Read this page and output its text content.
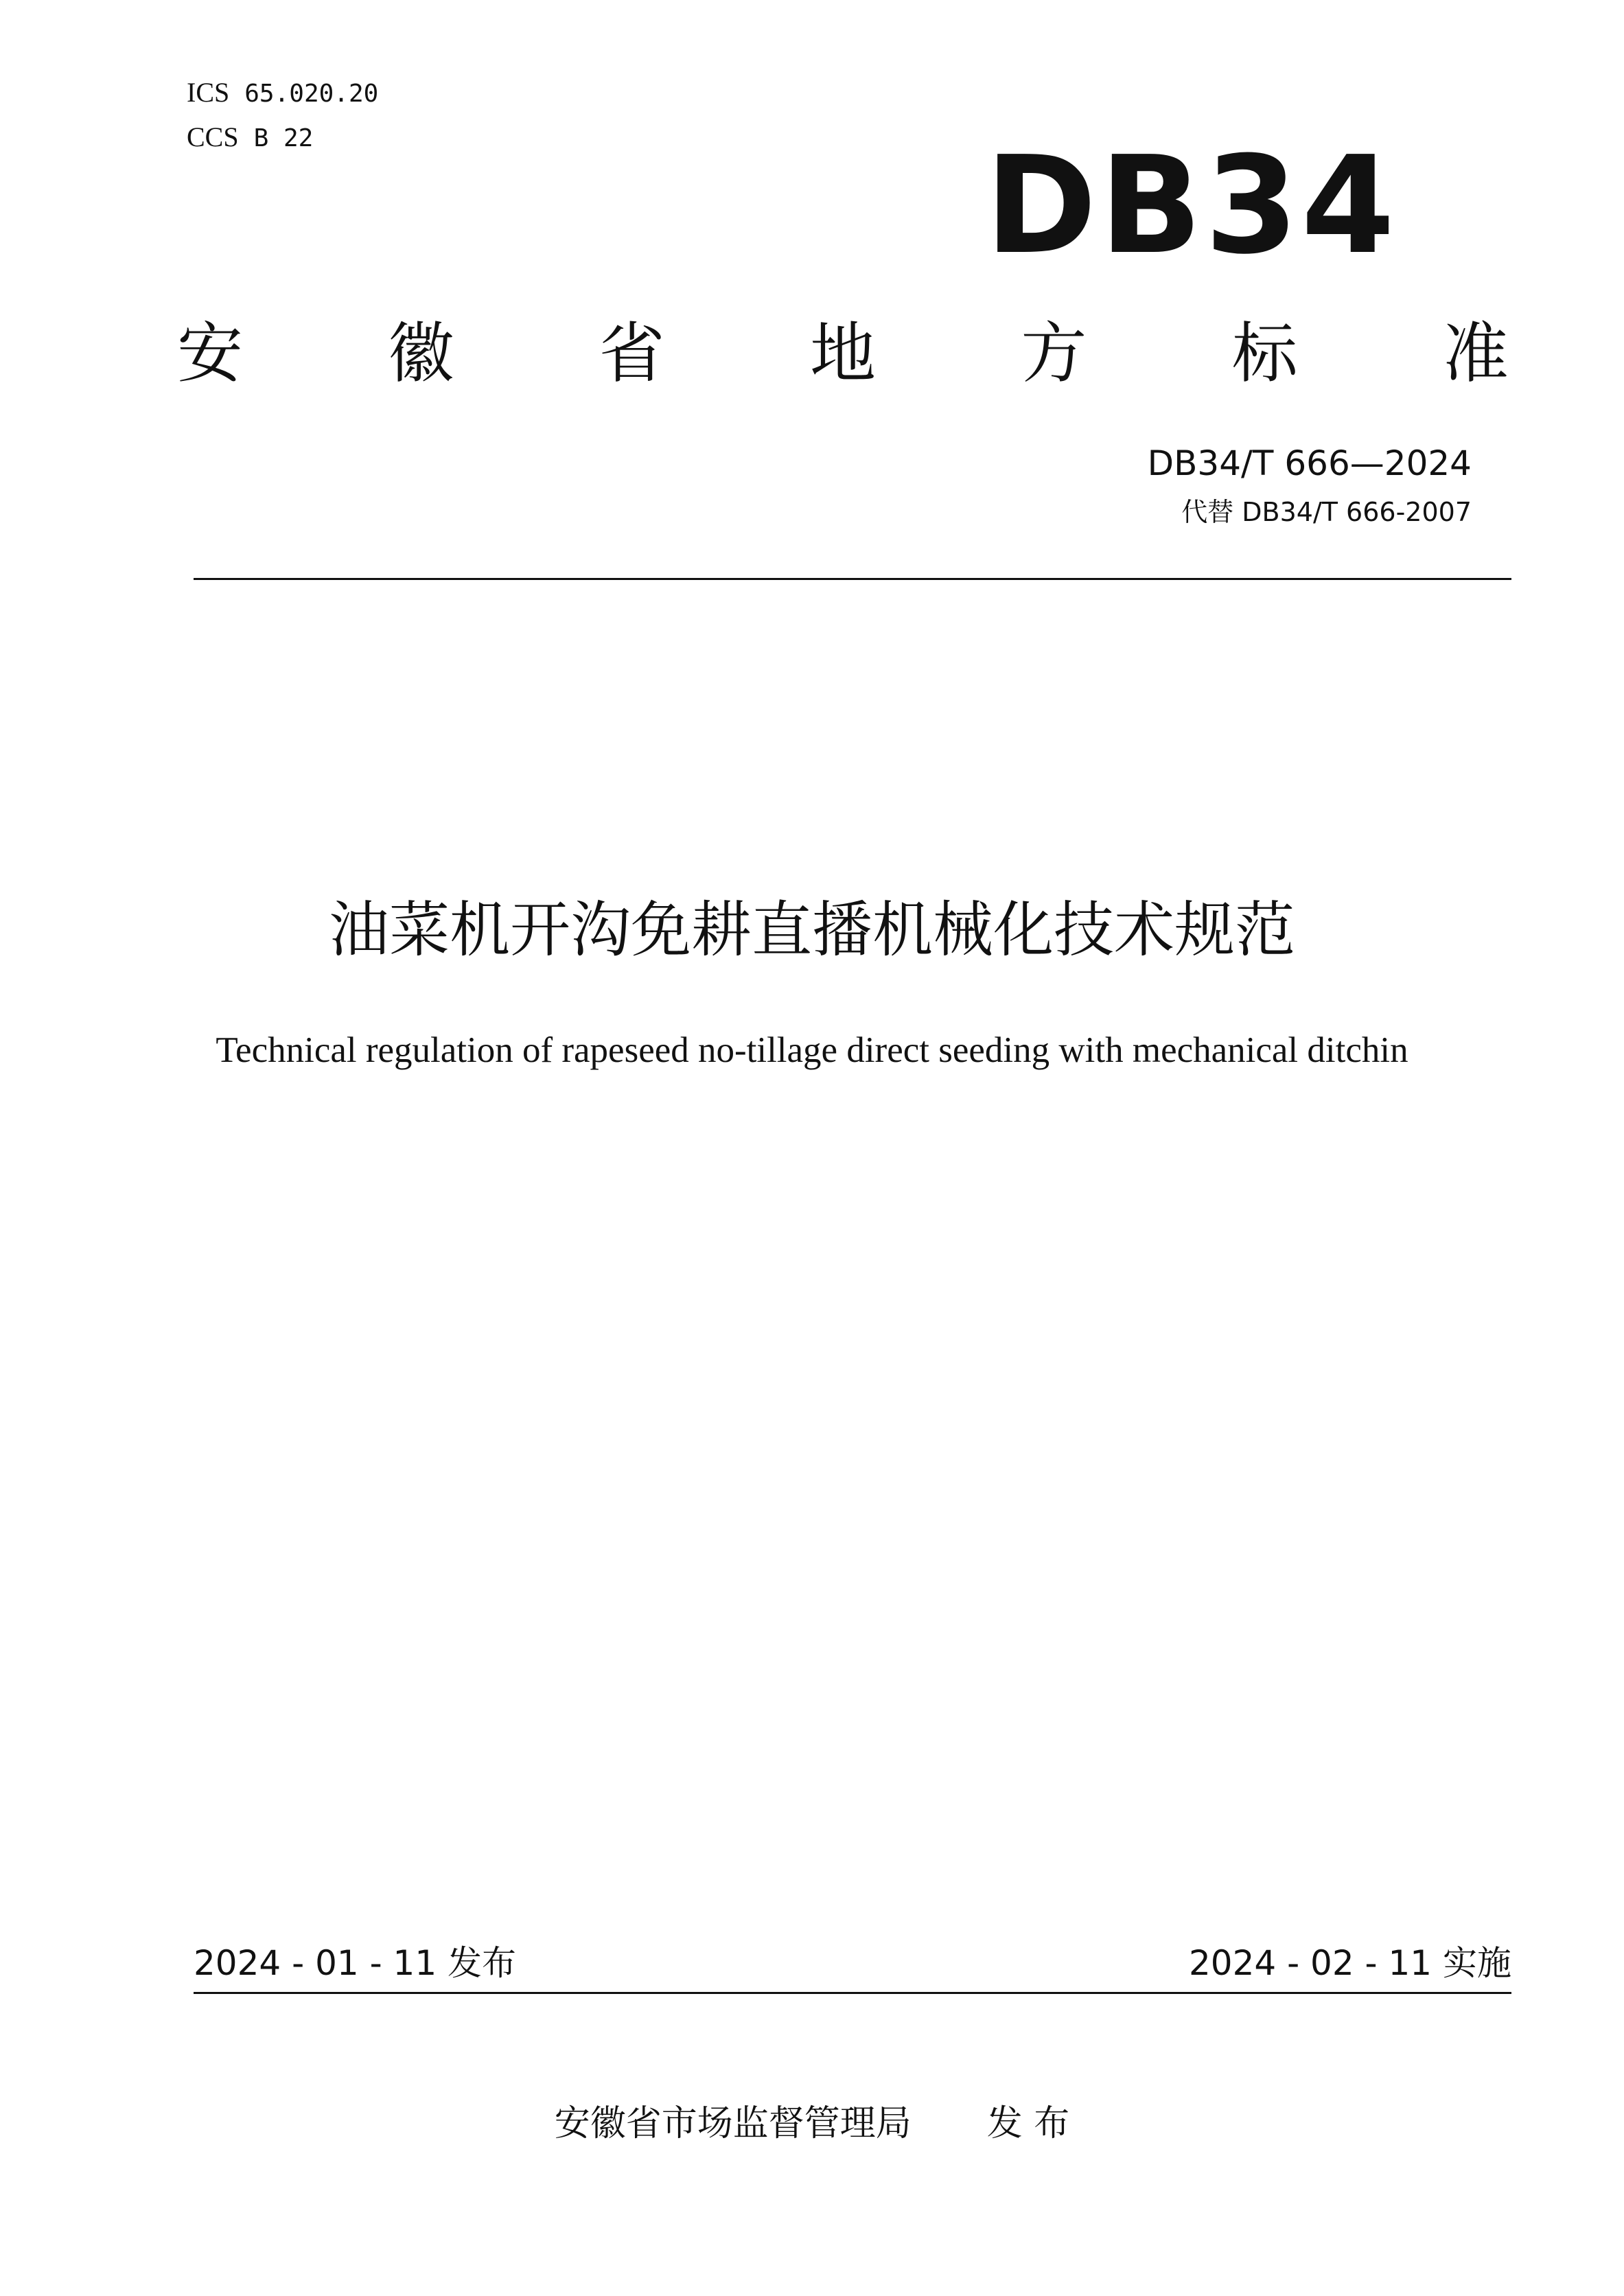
ICS 65.020.20
CCS B 22	DB34
安 徽 省 地 方 标 准
DB34/T 666—2024
代替 DB34/T 666-2007
油菜机开沟免耕直播机械化技术规范
Technical regulation of rapeseed no-tillage direct seeding with mechanical ditchin
2024 - 01 - 11 发布	2024 - 02 - 11 实施
安徽省市场监督管理局 发 布
